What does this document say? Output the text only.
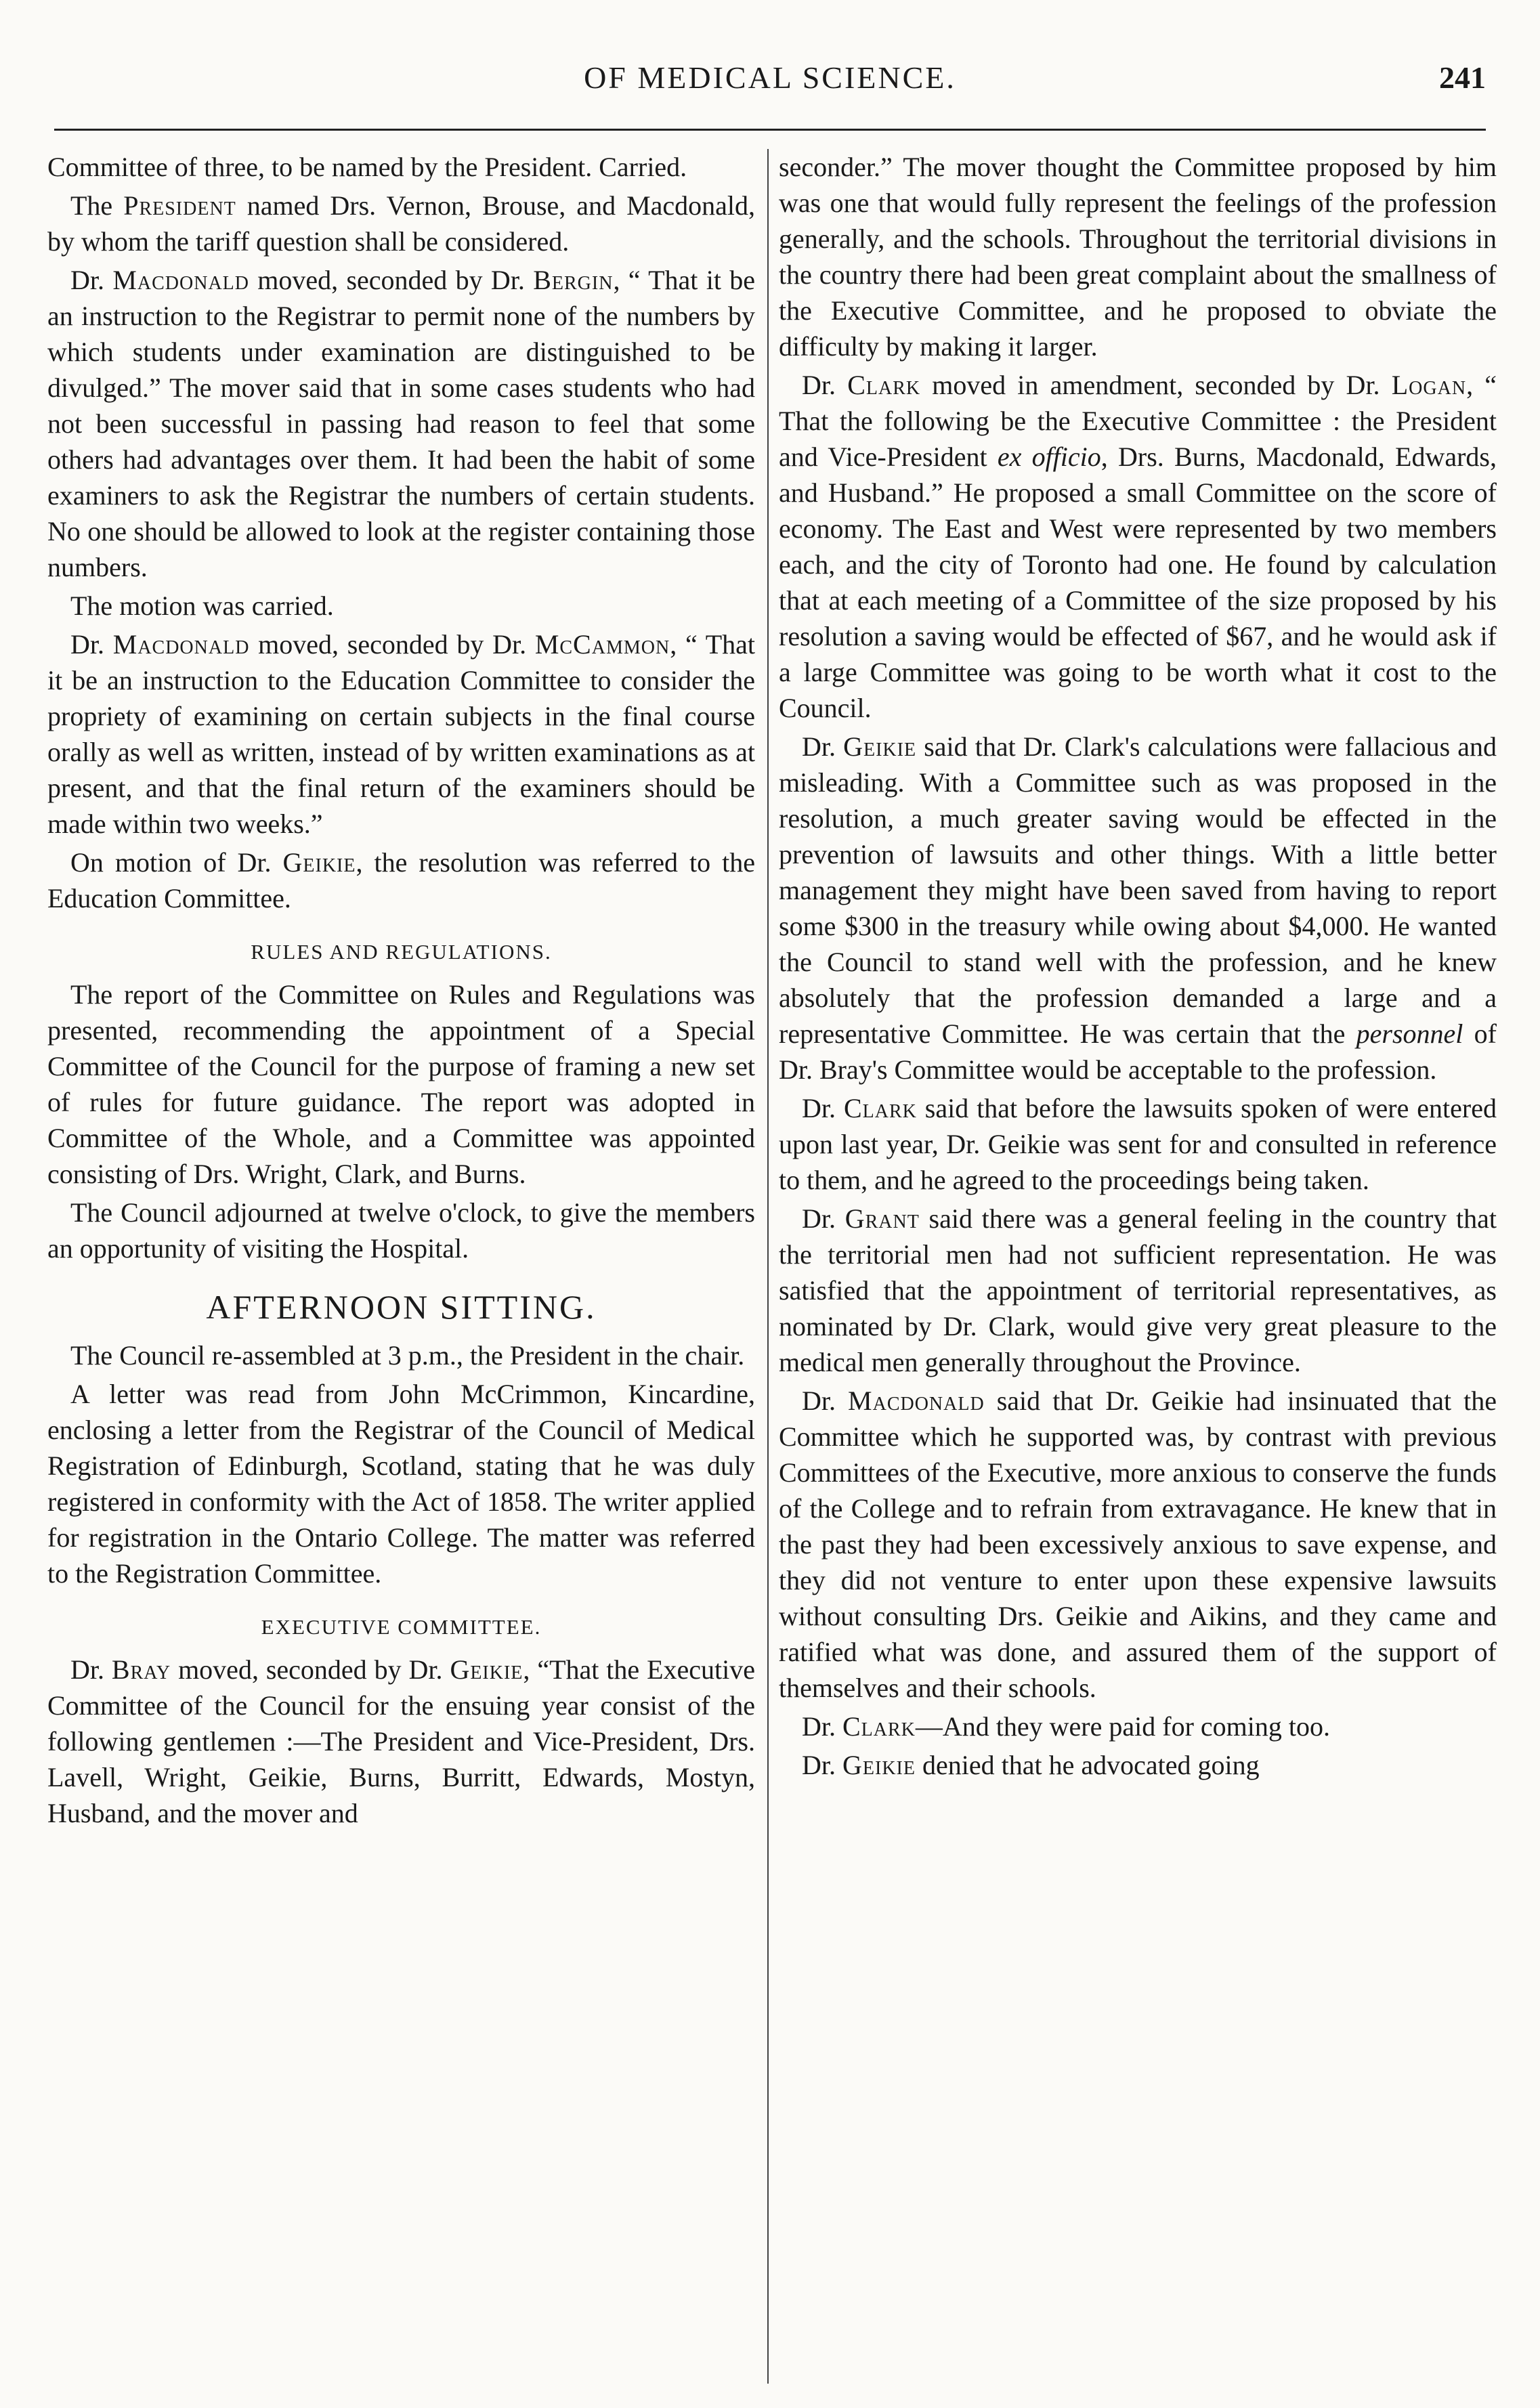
OF MEDICAL SCIENCE.	241

Committee of three, to be named by the President. Carried.

The President named Drs. Vernon, Brouse, and Macdonald, by whom the tariff question shall be considered.

Dr. Macdonald moved, seconded by Dr. Bergin, “ That it be an instruction to the Registrar to permit none of the numbers by which students under examination are distinguished to be divulged.” The mover said that in some cases students who had not been successful in passing had reason to feel that some others had advantages over them. It had been the habit of some examiners to ask the Registrar the numbers of certain students. No one should be allowed to look at the register containing those numbers.

The motion was carried.

Dr. Macdonald moved, seconded by Dr. McCammon, “ That it be an instruction to the Education Committee to consider the propriety of examining on certain subjects in the final course orally as well as written, instead of by written examinations as at present, and that the final return of the examiners should be made within two weeks.”

On motion of Dr. Geikie, the resolution was referred to the Education Committee.

RULES AND REGULATIONS.

The report of the Committee on Rules and Regulations was presented, recommending the appointment of a Special Committee of the Council for the purpose of framing a new set of rules for future guidance. The report was adopted in Committee of the Whole, and a Committee was appointed consisting of Drs. Wright, Clark, and Burns.

The Council adjourned at twelve o'clock, to give the members an opportunity of visiting the Hospital.

AFTERNOON SITTING.

The Council re-assembled at 3 p.m., the President in the chair.

A letter was read from John McCrimmon, Kincardine, enclosing a letter from the Registrar of the Council of Medical Registration of Edinburgh, Scotland, stating that he was duly registered in conformity with the Act of 1858. The writer applied for registration in the Ontario College. The matter was referred to the Registration Committee.

EXECUTIVE COMMITTEE.

Dr. Bray moved, seconded by Dr. Geikie, “That the Executive Committee of the Council for the ensuing year consist of the following gentlemen :—The President and Vice-President, Drs. Lavell, Wright, Geikie, Burns, Burritt, Edwards, Mostyn, Husband, and the mover and

seconder.” The mover thought the Committee proposed by him was one that would fully represent the feelings of the profession generally, and the schools. Throughout the territorial divisions in the country there had been great complaint about the smallness of the Executive Committee, and he proposed to obviate the difficulty by making it larger.

Dr. Clark moved in amendment, seconded by Dr. Logan, “ That the following be the Executive Committee : the President and Vice-President ex officio, Drs. Burns, Macdonald, Edwards, and Husband.” He proposed a small Committee on the score of economy. The East and West were represented by two members each, and the city of Toronto had one. He found by calculation that at each meeting of a Committee of the size proposed by his resolution a saving would be effected of $67, and he would ask if a large Committee was going to be worth what it cost to the Council.

Dr. Geikie said that Dr. Clark's calculations were fallacious and misleading. With a Committee such as was proposed in the resolution, a much greater saving would be effected in the prevention of lawsuits and other things. With a little better management they might have been saved from having to report some $300 in the treasury while owing about $4,000. He wanted the Council to stand well with the profession, and he knew absolutely that the profession demanded a large and a representative Committee. He was certain that the personnel of Dr. Bray's Committee would be acceptable to the profession.

Dr. Clark said that before the lawsuits spoken of were entered upon last year, Dr. Geikie was sent for and consulted in reference to them, and he agreed to the proceedings being taken.

Dr. Grant said there was a general feeling in the country that the territorial men had not sufficient representation. He was satisfied that the appointment of territorial representatives, as nominated by Dr. Clark, would give very great pleasure to the medical men generally throughout the Province.

Dr. Macdonald said that Dr. Geikie had insinuated that the Committee which he supported was, by contrast with previous Committees of the Executive, more anxious to conserve the funds of the College and to refrain from extravagance. He knew that in the past they had been excessively anxious to save expense, and they did not venture to enter upon these expensive lawsuits without consulting Drs. Geikie and Aikins, and they came and ratified what was done, and assured them of the support of themselves and their schools.

Dr. Clark—And they were paid for coming too.

Dr. Geikie denied that he advocated going
